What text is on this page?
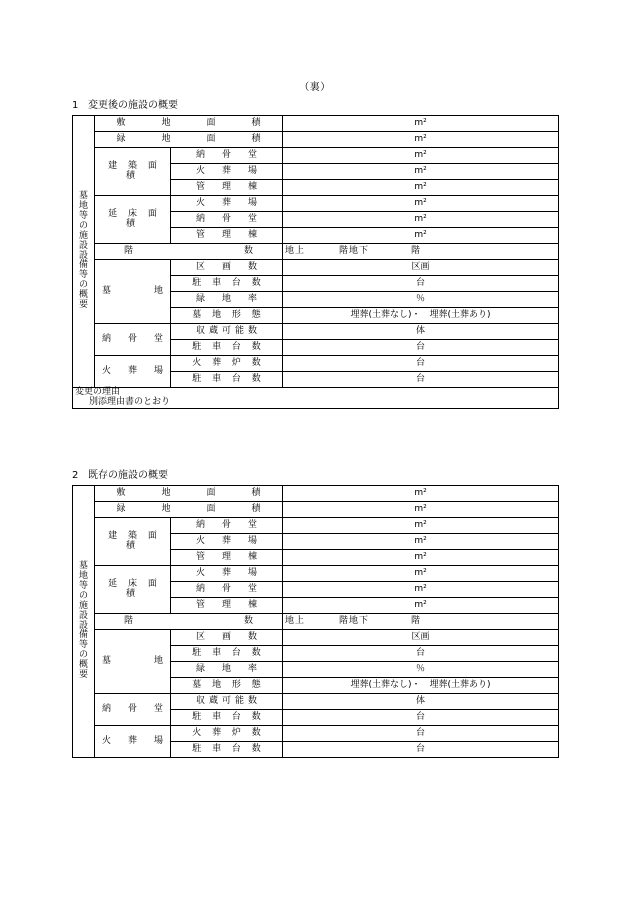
（裏）
1 変更後の施設の概要
墓
地
等
の
施
設
設
備
等
の
概
要
	敷　　地　　面　　積	m²
	緑　　地　　面　　積		m²
	建 築 面 積	納　骨　堂	m²
		火　葬　場	m²
		管　理　棟	m²
	延 床 面 積	火　葬　場	m²
		納　骨　堂	m²
		管　理　棟	m²
	階　　　　　　　数		地上 階地下 階
	墓　　　地	区　画　数	区画
		駐 車 台 数	台
		緑　地　率	％
		墓 地 形 態	埋葬(土葬なし)・　埋葬(土葬あり)
	納　骨　堂	収蔵可能数	体
		駐 車 台 数	台
	火　葬　場	火 葬 炉 数	台
		駐 車 台 数	台

変更の理由
別添理由書のとおり			
2 既存の施設の概要
墓
地
等
の
施
設
設
備
等
の
概
要
	敷　　地　　面　　積	m²
	緑　　地　　面　　積		m²
	建 築 面 積	納　骨　堂	m²
		火　葬　場	m²
		管　理　棟	m²
	延 床 面 積	火　葬　場	m²
		納　骨　堂	m²
		管　理　棟	m²
	階　　　　　　　数		地上 階地下 階
	墓　　　地	区　画　数	区画
		駐 車 台 数	台
		緑　地　率	％
		墓 地 形 態	埋葬(土葬なし)・　埋葬(土葬あり)
	納　骨　堂	収蔵可能数	体
		駐 車 台 数	台
	火　葬　場	火 葬 炉 数	台
		駐 車 台 数	台
